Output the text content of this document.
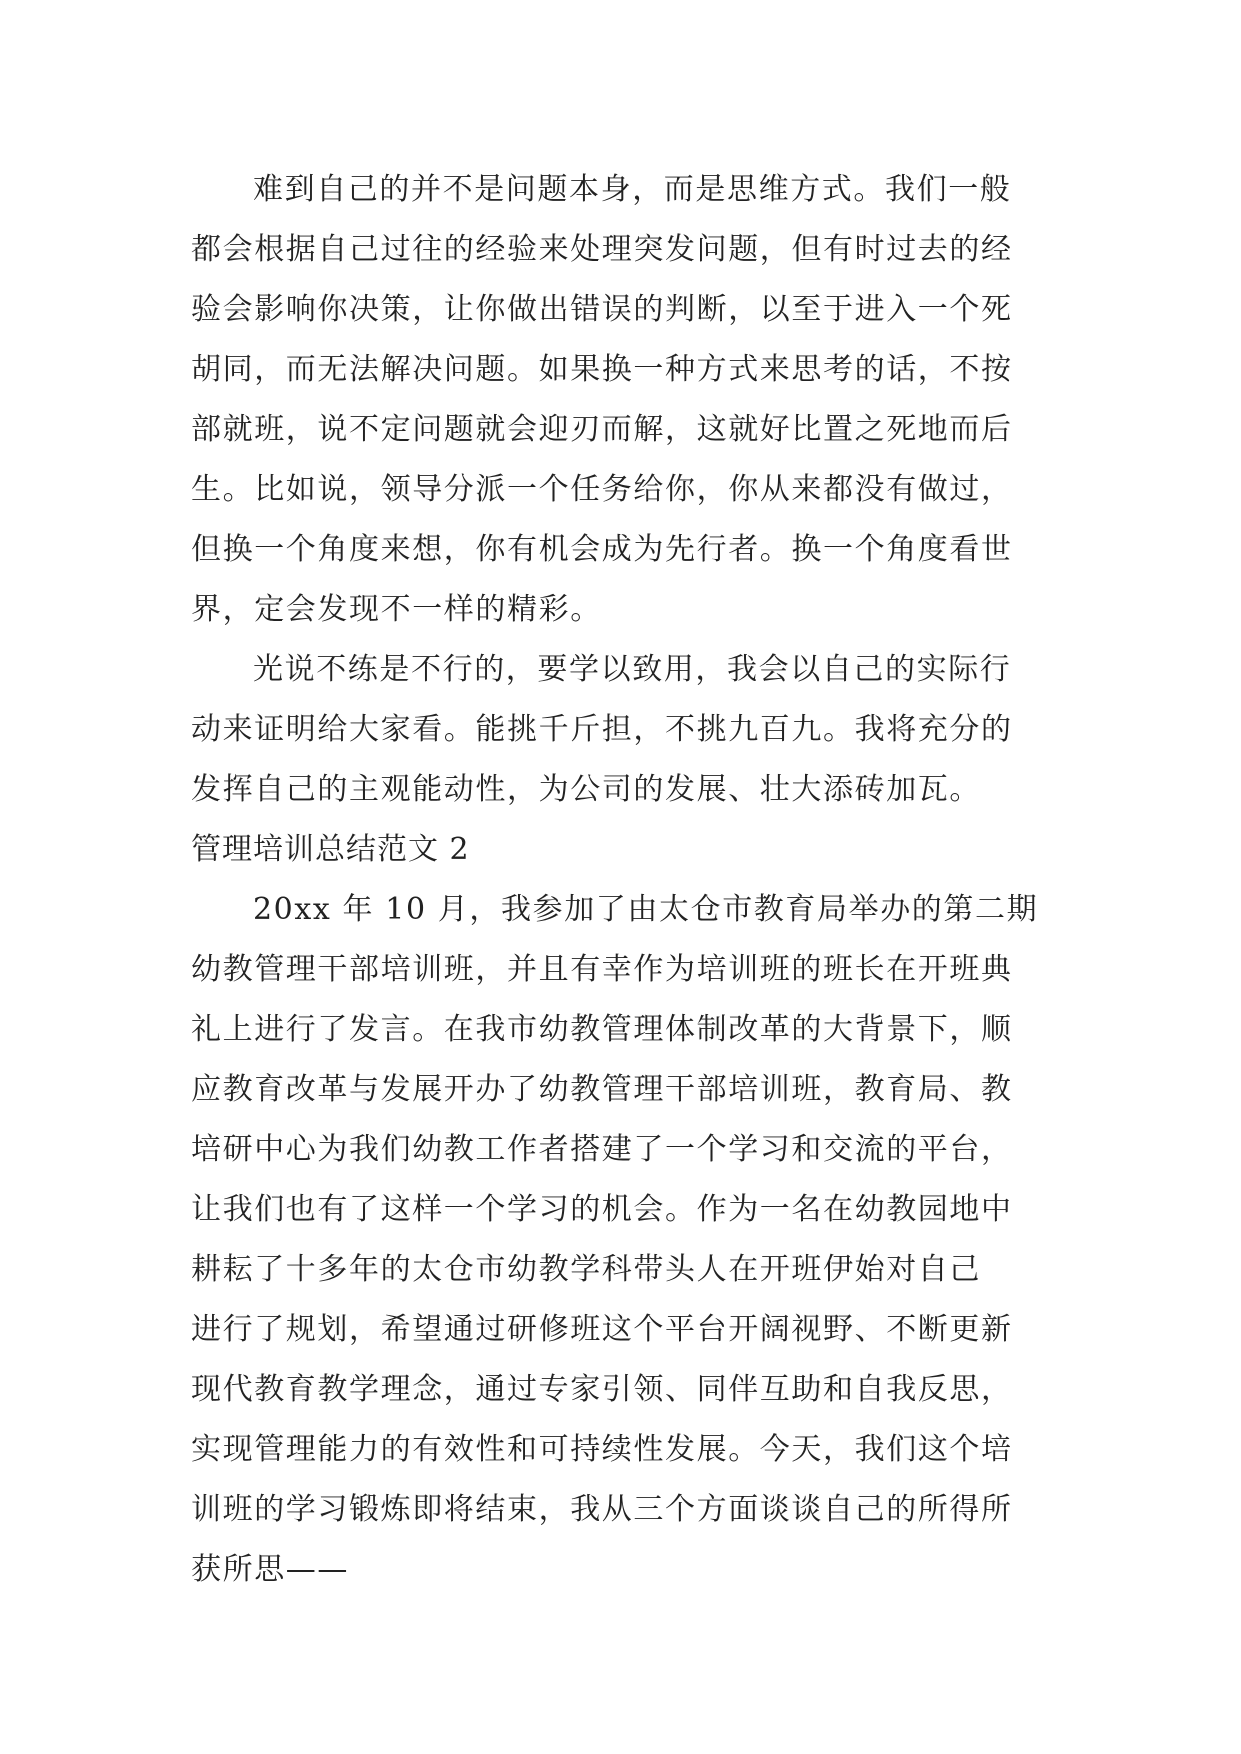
难到自己的并不是问题本身，而是思维方式。我们一般
都会根据自己过往的经验来处理突发问题，但有时过去的经
验会影响你决策，让你做出错误的判断，以至于进入一个死
胡同，而无法解决问题。如果换一种方式来思考的话，不按
部就班，说不定问题就会迎刃而解，这就好比置之死地而后
生。比如说，领导分派一个任务给你，你从来都没有做过，
但换一个角度来想，你有机会成为先行者。换一个角度看世
界，定会发现不一样的精彩。
光说不练是不行的，要学以致用，我会以自己的实际行
动来证明给大家看。能挑千斤担，不挑九百九。我将充分的
发挥自己的主观能动性，为公司的发展、壮大添砖加瓦。
管理培训总结范文 2
20xx 年 10 月，我参加了由太仓市教育局举办的第二期
幼教管理干部培训班，并且有幸作为培训班的班长在开班典
礼上进行了发言。在我市幼教管理体制改革的大背景下，顺
应教育改革与发展开办了幼教管理干部培训班，教育局、教
培研中心为我们幼教工作者搭建了一个学习和交流的平台，
让我们也有了这样一个学习的机会。作为一名在幼教园地中
耕耘了十多年的太仓市幼教学科带头人在开班伊始对自己
进行了规划，希望通过研修班这个平台开阔视野、不断更新
现代教育教学理念，通过专家引领、同伴互助和自我反思，
实现管理能力的有效性和可持续性发展。今天，我们这个培
训班的学习锻炼即将结束，我从三个方面谈谈自己的所得所
获所思——
